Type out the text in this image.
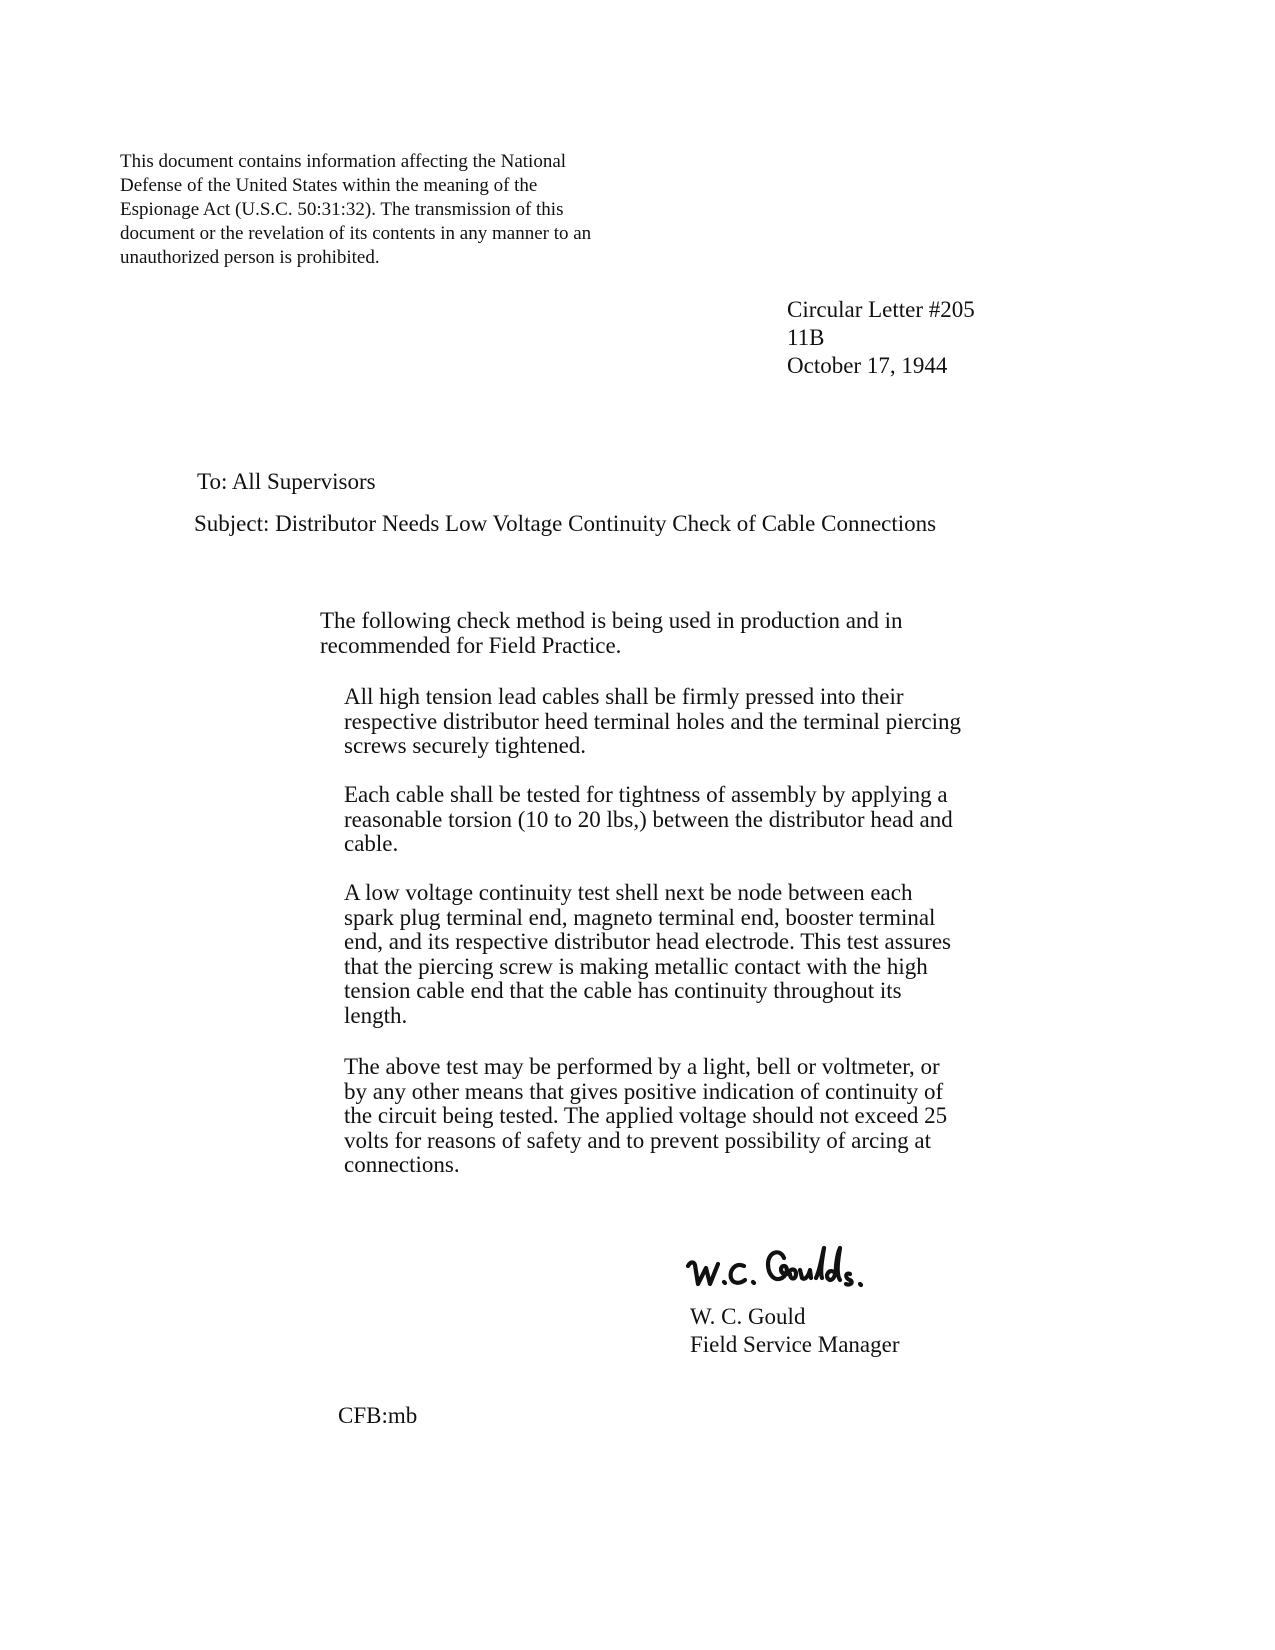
This document contains information affecting the National
Defense of the United States within the meaning of the
Espionage Act (U.S.C. 50:31:32). The transmission of this
document or the revelation of its contents in any manner to an
unauthorized person is prohibited.
Circular Letter #205
11B
October 17, 1944
To: All Supervisors
Subject: Distributor Needs Low Voltage Continuity Check of Cable Connections
The following check method is being used in production and in
recommended for Field Practice.
All high tension lead cables shall be firmly pressed into their
respective distributor heed terminal holes and the terminal piercing
screws securely tightened.
Each cable shall be tested for tightness of assembly by applying a
reasonable torsion (10 to 20 lbs,) between the distributor head and
cable.
A low voltage continuity test shell next be node between each
spark plug terminal end, magneto terminal end, booster terminal
end, and its respective distributor head electrode. This test assures
that the piercing screw is making metallic contact with the high
tension cable end that the cable has continuity throughout its
length.
The above test may be performed by a light, bell or voltmeter, or
by any other means that gives positive indication of continuity of
the circuit being tested. The applied voltage should not exceed 25
volts for reasons of safety and to prevent possibility of arcing at
connections.
W. C. Gould
Field Service Manager
CFB:mb
